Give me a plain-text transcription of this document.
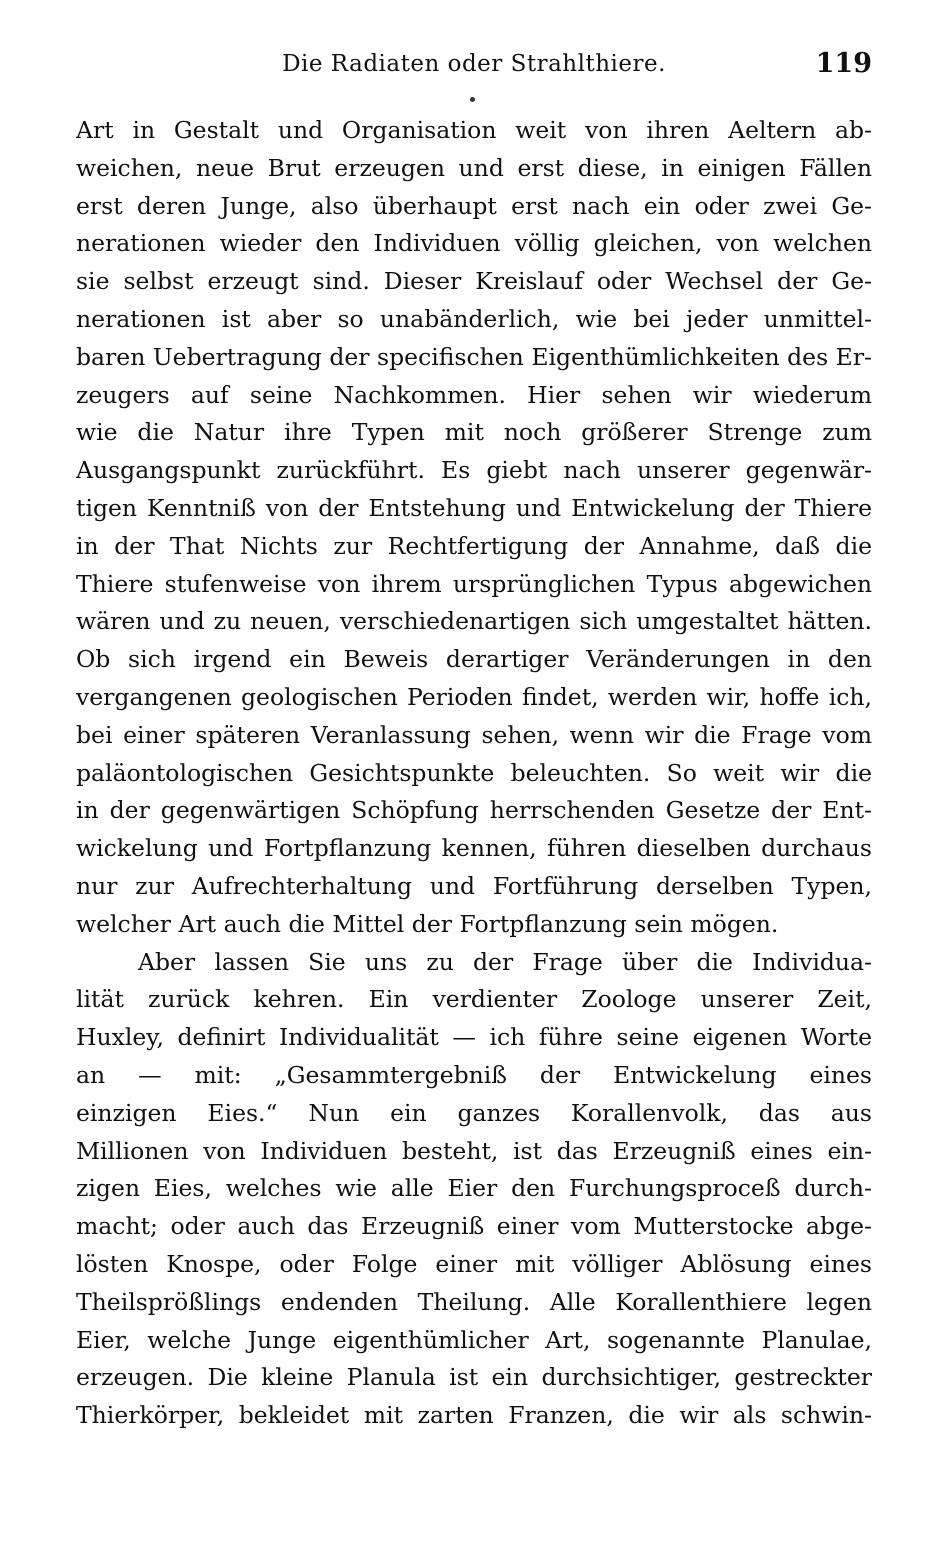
Die Radiaten oder Strahlthiere.	119
Art in Gestalt und Organisation weit von ihren Aeltern ab-
weichen, neue Brut erzeugen und erst diese, in einigen Fällen
erst deren Junge, also überhaupt erst nach ein oder zwei Ge-
nerationen wieder den Individuen völlig gleichen, von welchen
sie selbst erzeugt sind. Dieser Kreislauf oder Wechsel der Ge-
nerationen ist aber so unabänderlich, wie bei jeder unmittel-
baren Uebertragung der specifischen Eigenthümlichkeiten des Er-
zeugers auf seine Nachkommen. Hier sehen wir wiederum
wie die Natur ihre Typen mit noch größerer Strenge zum
Ausgangspunkt zurückführt. Es giebt nach unserer gegenwär-
tigen Kenntniß von der Entstehung und Entwickelung der Thiere
in der That Nichts zur Rechtfertigung der Annahme, daß die
Thiere stufenweise von ihrem ursprünglichen Typus abgewichen
wären und zu neuen, verschiedenartigen sich umgestaltet hätten.
Ob sich irgend ein Beweis derartiger Veränderungen in den
vergangenen geologischen Perioden findet, werden wir, hoffe ich,
bei einer späteren Veranlassung sehen, wenn wir die Frage vom
paläontologischen Gesichtspunkte beleuchten. So weit wir die
in der gegenwärtigen Schöpfung herrschenden Gesetze der Ent-
wickelung und Fortpflanzung kennen, führen dieselben durchaus
nur zur Aufrechterhaltung und Fortführung derselben Typen,
welcher Art auch die Mittel der Fortpflanzung sein mögen.
Aber lassen Sie uns zu der Frage über die Individua-
lität zurück kehren. Ein verdienter Zoologe unserer Zeit,
Huxley, definirt Individualität — ich führe seine eigenen Worte
an — mit: „Gesammtergebniß der Entwickelung eines
einzigen Eies.“ Nun ein ganzes Korallenvolk, das aus
Millionen von Individuen besteht, ist das Erzeugniß eines ein-
zigen Eies, welches wie alle Eier den Furchungsproceß durch-
macht; oder auch das Erzeugniß einer vom Mutterstocke abge-
lösten Knospe, oder Folge einer mit völliger Ablösung eines
Theilsprößlings endenden Theilung. Alle Korallenthiere legen
Eier, welche Junge eigenthümlicher Art, sogenannte Planulae,
erzeugen. Die kleine Planula ist ein durchsichtiger, gestreckter
Thierkörper, bekleidet mit zarten Franzen, die wir als schwin-
